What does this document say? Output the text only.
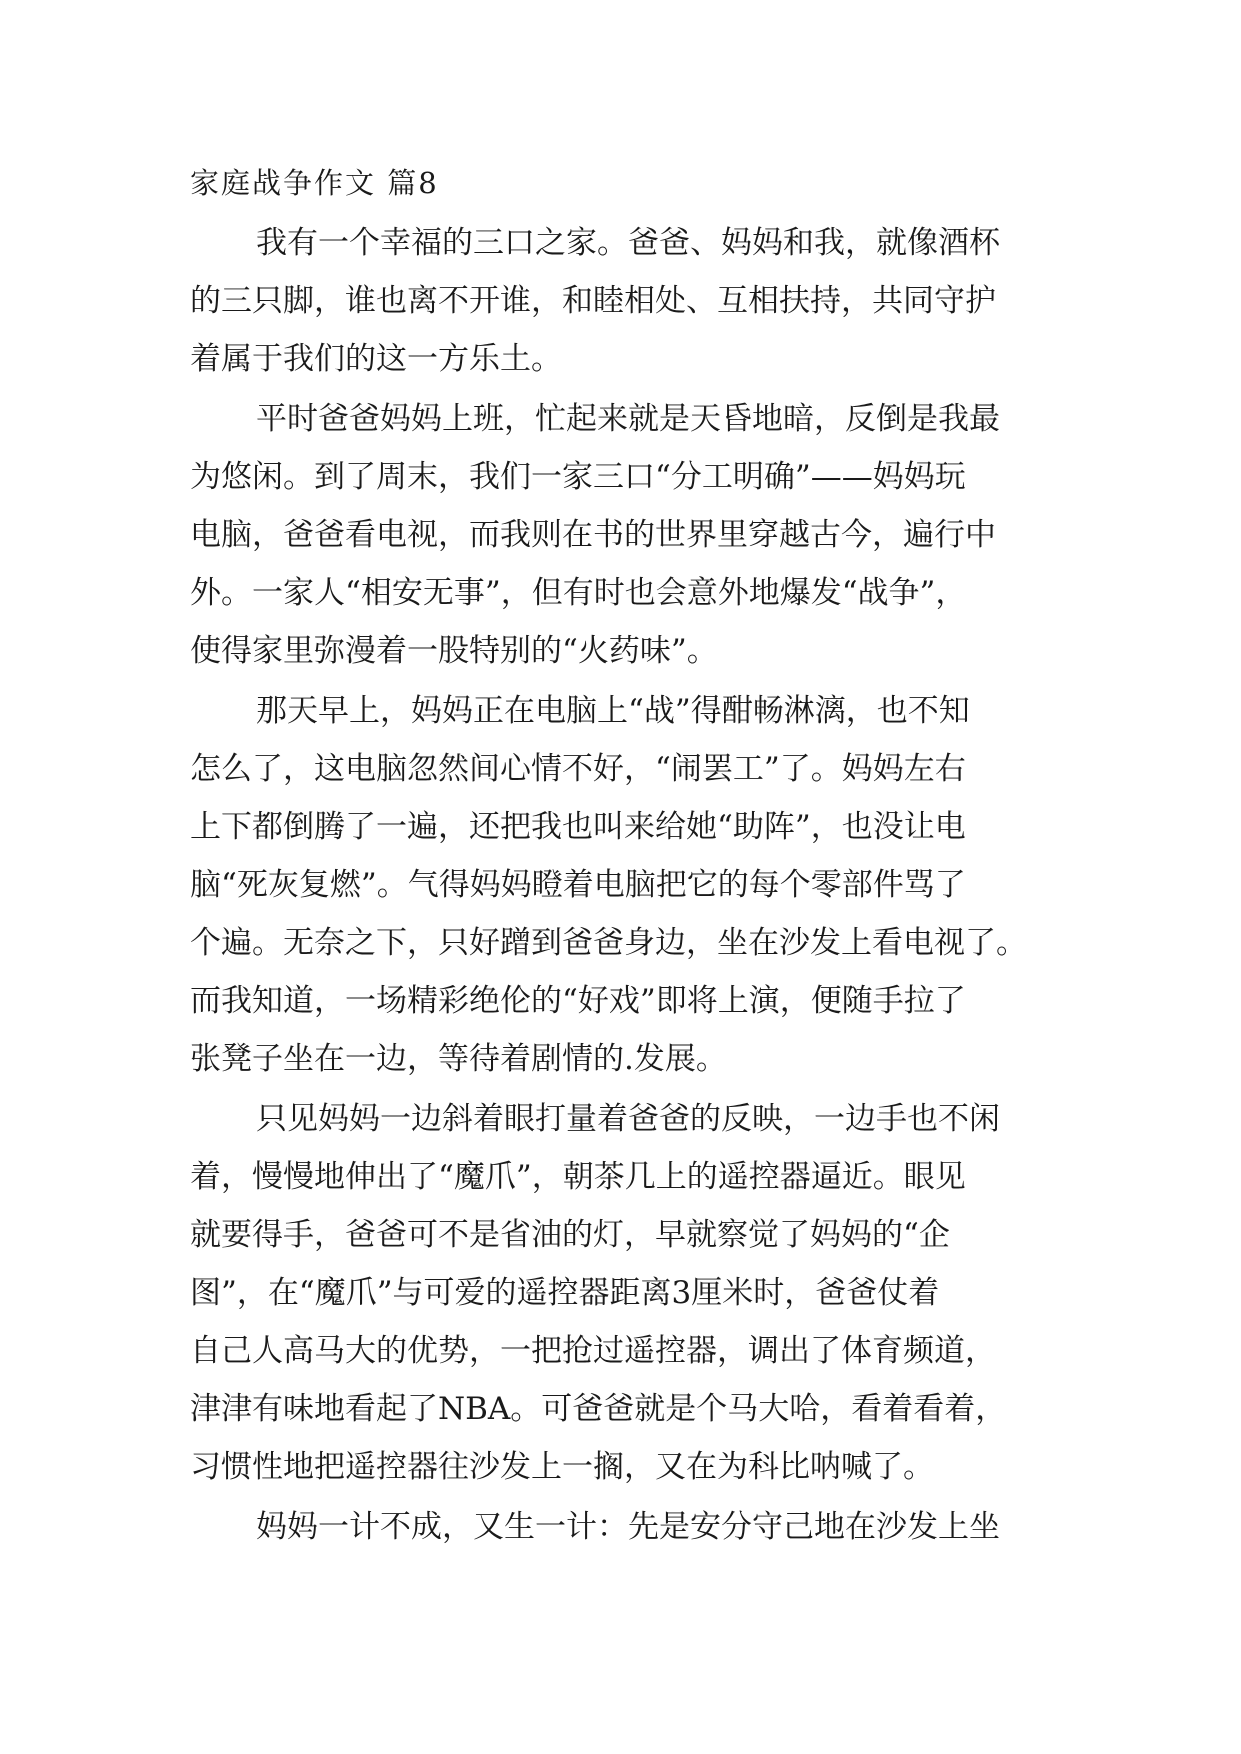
家庭战争作文 篇8
我有一个幸福的三口之家。爸爸、妈妈和我，就像酒杯
的三只脚，谁也离不开谁，和睦相处、互相扶持，共同守护
着属于我们的这一方乐土。
平时爸爸妈妈上班，忙起来就是天昏地暗，反倒是我最
为悠闲。到了周末，我们一家三口“分工明确”——妈妈玩
电脑，爸爸看电视，而我则在书的世界里穿越古今，遍行中
外。一家人“相安无事”，但有时也会意外地爆发“战争”，
使得家里弥漫着一股特别的“火药味”。
那天早上，妈妈正在电脑上“战”得酣畅淋漓，也不知
怎么了，这电脑忽然间心情不好，“闹罢工”了。妈妈左右
上下都倒腾了一遍，还把我也叫来给她“助阵”，也没让电
脑“死灰复燃”。气得妈妈瞪着电脑把它的每个零部件骂了
个遍。无奈之下，只好蹭到爸爸身边，坐在沙发上看电视了。
而我知道，一场精彩绝伦的“好戏”即将上演，便随手拉了
张凳子坐在一边，等待着剧情的.发展。
只见妈妈一边斜着眼打量着爸爸的反映，一边手也不闲
着，慢慢地伸出了“魔爪”，朝茶几上的遥控器逼近。眼见
就要得手，爸爸可不是省油的灯，早就察觉了妈妈的“企
图”，在“魔爪”与可爱的遥控器距离3厘米时，爸爸仗着
自己人高马大的优势，一把抢过遥控器，调出了体育频道，
津津有味地看起了NBA。可爸爸就是个马大哈，看着看着，
习惯性地把遥控器往沙发上一搁，又在为科比呐喊了。
妈妈一计不成，又生一计：先是安分守己地在沙发上坐
